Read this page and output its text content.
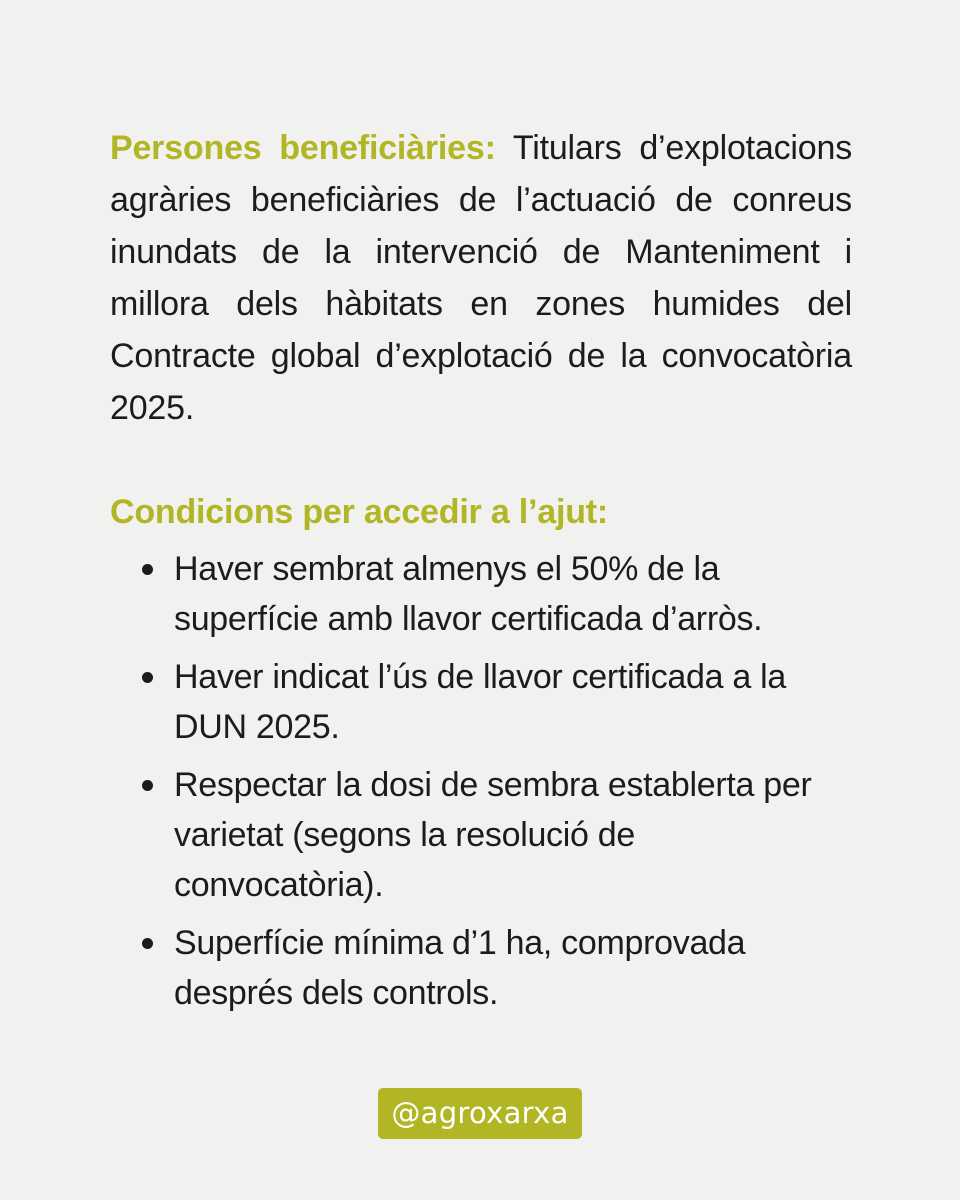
Persones beneficiàries: Titulars d’explotacions agràries beneficiàries de l’actuació de conreus inundats de la intervenció de Manteniment i millora dels hàbitats en zones humides del Contracte global d’explotació de la convocatòria 2025.

Condicions per accedir a l’ajut:
Haver sembrat almenys el 50% de la superfície amb llavor certificada d’arròs.
Haver indicat l’ús de llavor certificada a la DUN 2025.
Respectar la dosi de sembra establerta per varietat (segons la resolució de convocatòria).
Superfície mínima d’1 ha, comprovada després dels controls.
@agroxarxa
